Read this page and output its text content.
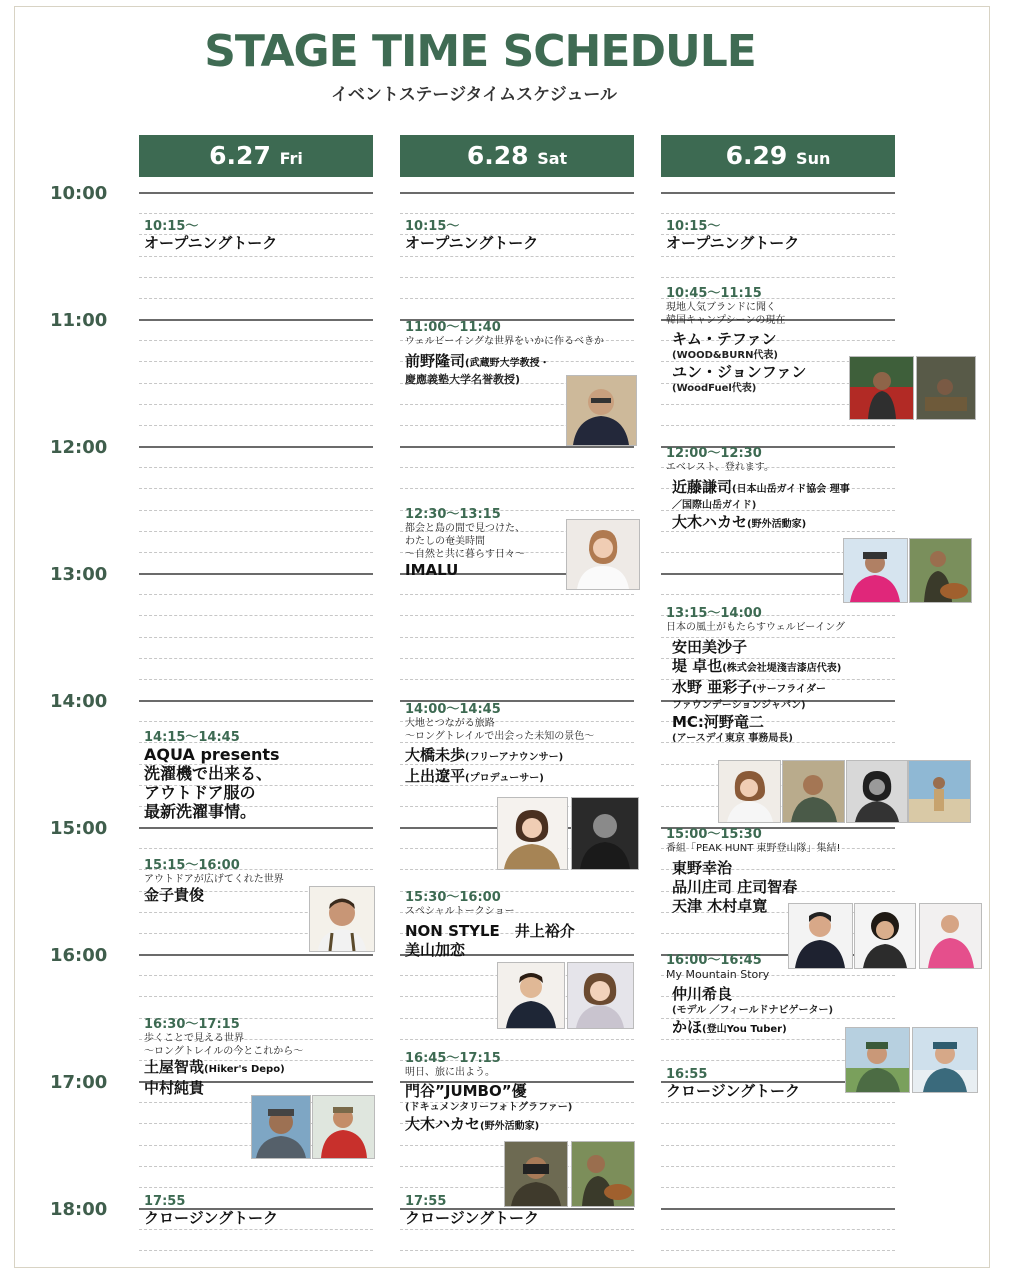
STAGE TIME SCHEDULE
イベントステージタイムスケジュール
6.27 Fri	6.28 Sat	6.29 Sun
10:00
11:00
12:00
13:00
14:00
15:00
16:00
17:00
18:00
10:15〜
オープニングトーク
14:15〜14:45
AQUA presents
洗濯機で出来る、
アウトドア服の
最新洗濯事情。
15:15〜16:00
アウトドアが広げてくれた世界
金子貴俊
16:30〜17:15
歩くことで見える世界
〜ロングトレイルの今とこれから〜
土屋智哉(Hiker's Depo)
中村純貴
17:55
クロージングトーク
10:15〜
オープニングトーク
11:00〜11:40
ウェルビーイングな世界をいかに作るべきか
前野隆司(武蔵野大学教授・
慶應義塾大学名誉教授)
12:30〜13:15
都会と島の間で見つけた、
わたしの奄美時間
〜自然と共に暮らす日々〜
IMALU
14:00〜14:45
大地とつながる旅路
〜ロングトレイルで出会った未知の景色〜
大橋未歩(フリーアナウンサー)
上出遼平(プロデューサー)
15:30〜16:00
スペシャルトークショー
NON STYLE　井上裕介
美山加恋
16:45〜17:15
明日、旅に出よう。
門谷”JUMBO”優
(ドキュメンタリーフォトグラファー)
大木ハカセ(野外活動家)
17:55
クロージングトーク
10:15〜
オープニングトーク
10:45〜11:15
現地人気ブランドに聞く
韓国キャンプシーンの現在
キム・テファン
(WOOD&BURN代表)
ユン・ジョンファン
(WoodFuel代表)
12:00〜12:30
エベレスト、登れます。
近藤謙司(日本山岳ガイド協会 理事
／国際山岳ガイド)
大木ハカセ(野外活動家)
13:15〜14:00
日本の風土がもたらすウェルビーイング
安田美沙子
堤 卓也(株式会社堤淺吉漆店代表)
水野 亜彩子(サーフライダー
ファウンデーションジャパン)
MC:河野竜二
(アースデイ東京 事務局長)
15:00〜15:30
番組「PEAK HUNT 東野登山隊」集結!
東野幸治
品川庄司 庄司智春
天津 木村卓寛
16:00〜16:45
My Mountain Story
仲川希良
(モデル ／フィールドナビゲーター)
かほ(登山You Tuber)
16:55
クロージングトーク
